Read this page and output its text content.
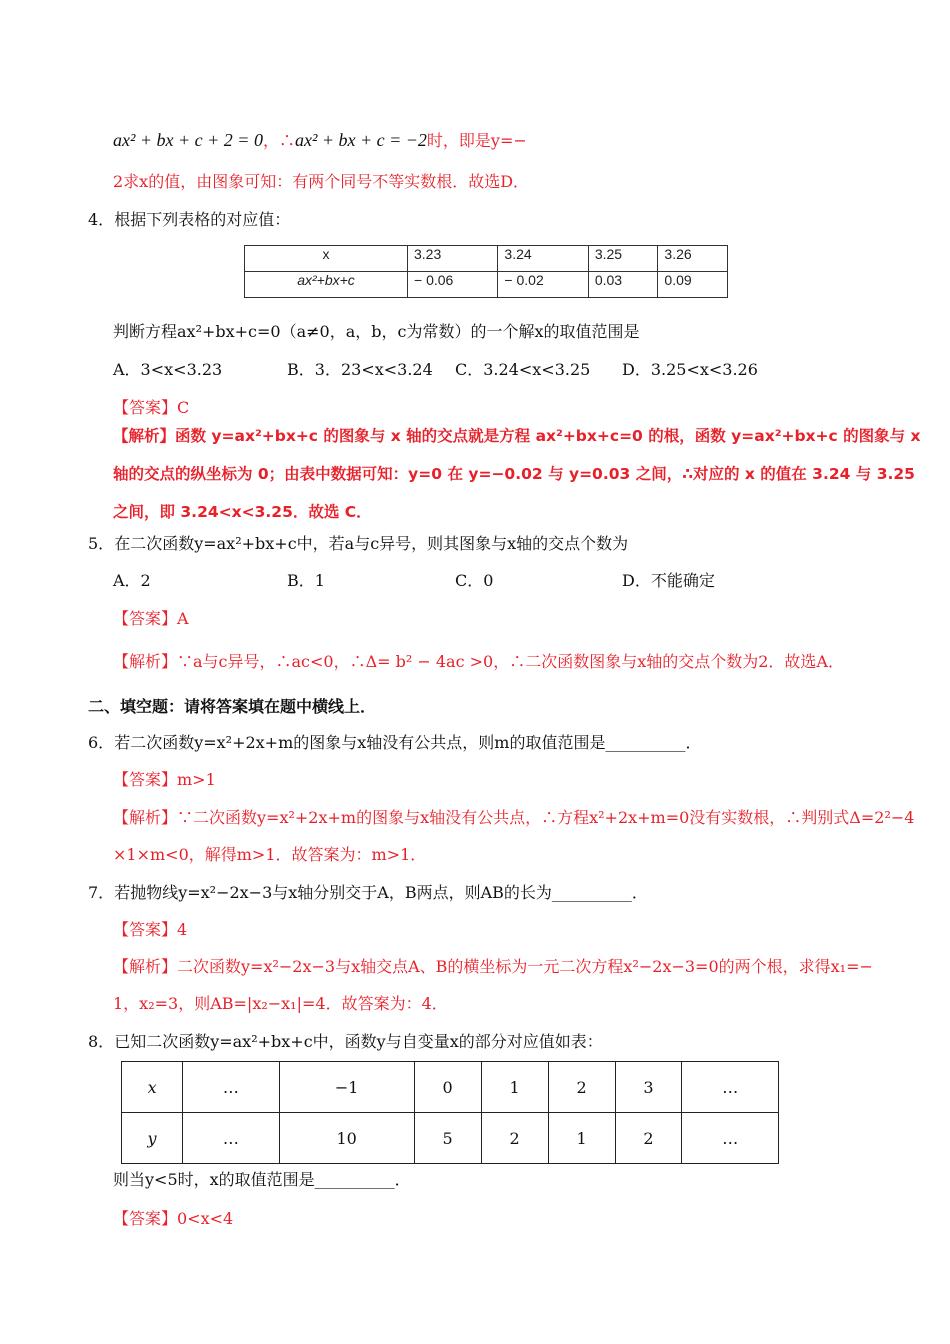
ax² + bx + c + 2 = 0，∴ax² + bx + c = −2时，即是y=−
2求x的值，由图象可知：有两个同号不等实数根．故选D．
4．根据下列表格的对应值：
x	3.23	3.24	3.25	3.26
ax²+bx+c	− 0.06	− 0.02	0.03	0.09
判断方程ax²+bx+c=0（a≠0，a，b，c为常数）的一个解x的取值范围是
A．3<x<3.23	B．3．23<x<3.24 C．3.24<x<3.25 D．3.25<x<3.26
【答案】C
【解析】函数 y=ax²+bx+c 的图象与 x 轴的交点就是方程 ax²+bx+c=0 的根，函数 y=ax²+bx+c 的图象与 x
轴的交点的纵坐标为 0；由表中数据可知：y=0 在 y=−0.02 与 y=0.03 之间，∴对应的 x 的值在 3.24 与 3.25
之间，即 3.24<x<3.25．故选 C．
5．在二次函数y=ax²+bx+c中，若a与c异号，则其图象与x轴的交点个数为
A．2	B．1	C．0	D．不能确定
【答案】A
【解析】∵a与c异号，∴ac<0，∴Δ= b² − 4ac >0，∴二次函数图象与x轴的交点个数为2．故选A．
二、填空题：请将答案填在题中横线上．
6．若二次函数y=x²+2x+m的图象与x轴没有公共点，则m的取值范围是__________．
【答案】m>1
【解析】∵二次函数y=x²+2x+m的图象与x轴没有公共点，∴方程x²+2x+m=0没有实数根，∴判别式Δ=2²−4
×1×m<0，解得m>1．故答案为：m>1．
7．若抛物线y=x²−2x−3与x轴分别交于A，B两点，则AB的长为__________．
【答案】4
【解析】二次函数y=x²−2x−3与x轴交点A、B的横坐标为一元二次方程x²−2x−3=0的两个根，求得x₁=−
1，x₂=3，则AB=|x₂−x₁|=4．故答案为：4．
8．已知二次函数y=ax²+bx+c中，函数y与自变量x的部分对应值如表：
x	…	−1	0	1	2	3	…
y	…	10	5	2	1	2	…
则当y<5时，x的取值范围是__________．
【答案】0<x<4
